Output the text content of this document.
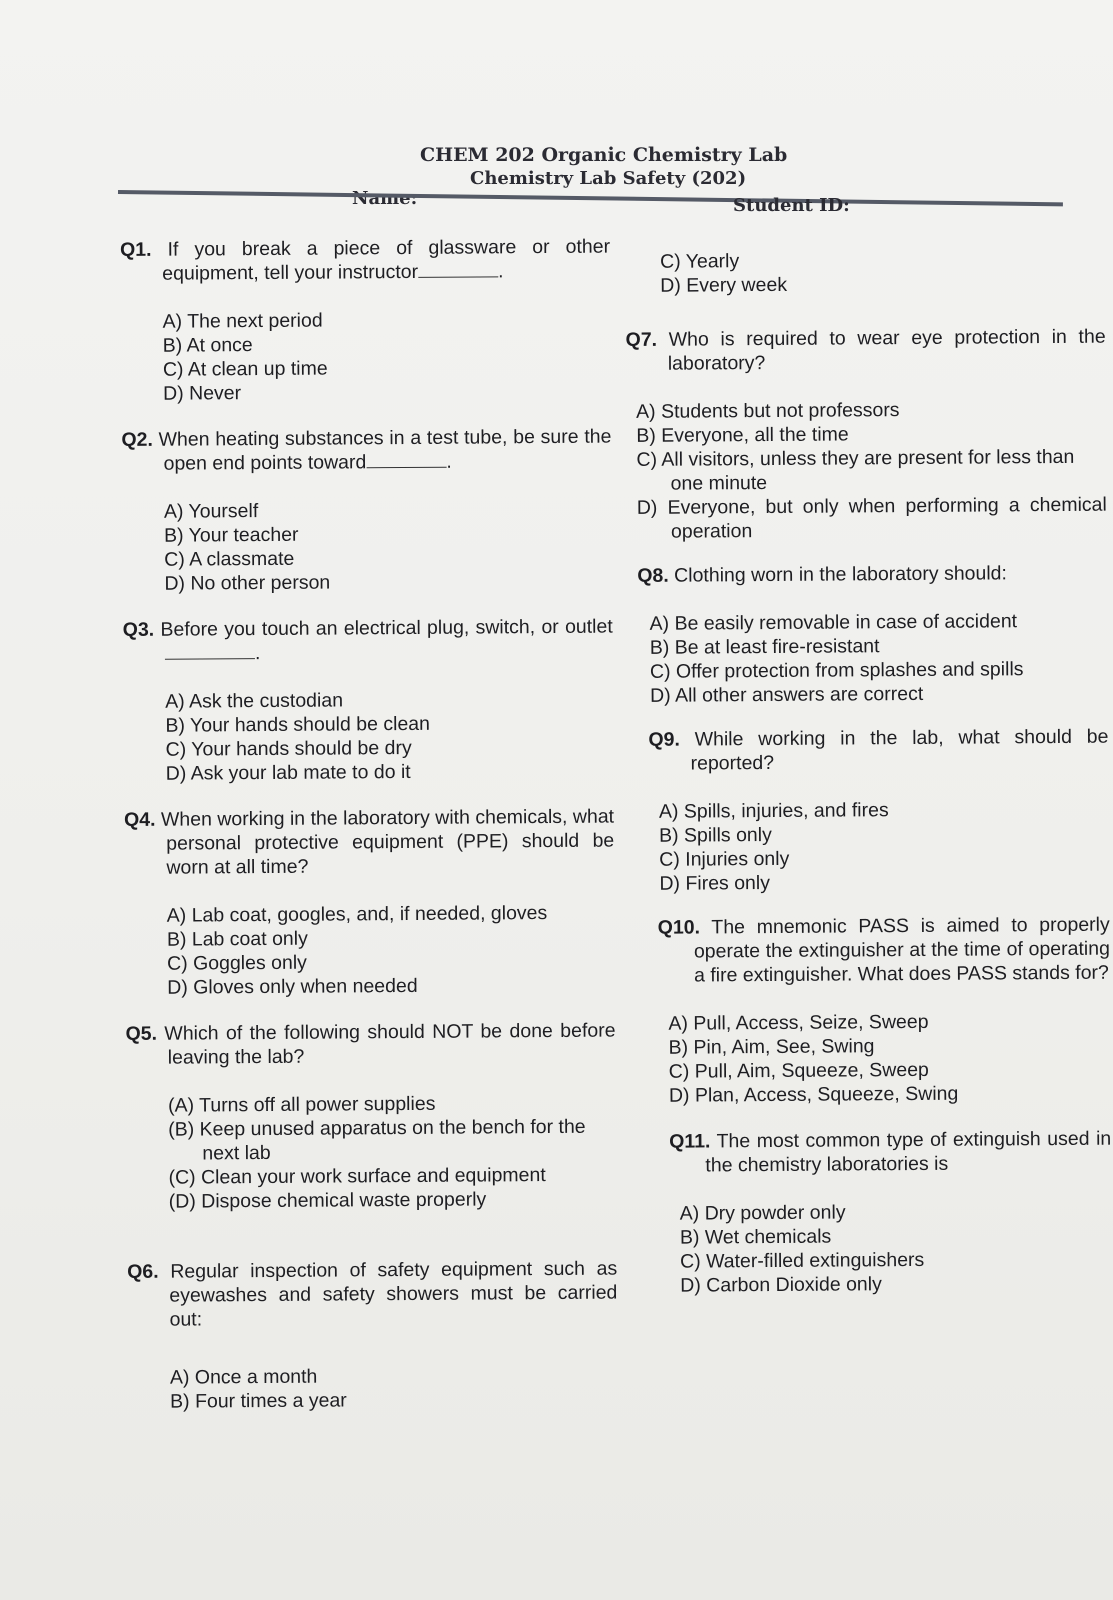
CHEM 202 Organic Chemistry Lab
Chemistry Lab Safety (202)
Name:	Student ID:
Q1. If you break a piece of glassware or other equipment, tell your instructor	.
A) The next period
B) At once
C) At clean up time
D) Never
Q2. When heating substances in a test tube, be sure the open end points toward	.
A) Yourself
B) Your teacher
C) A classmate
D) No other person
Q3. Before you touch an electrical plug, switch, or outlet .
A) Ask the custodian
B) Your hands should be clean
C) Your hands should be dry
D) Ask your lab mate to do it
Q4. When working in the laboratory with chemicals, what personal protective equipment (PPE) should be worn at all time?
A) Lab coat, googles, and, if needed, gloves
B) Lab coat only
C) Goggles only
D) Gloves only when needed
Q5. Which of the following should NOT be done before leaving the lab?
(A) Turns off all power supplies
(B) Keep unused apparatus on the bench for the next lab
(C) Clean your work surface and equipment
(D) Dispose chemical waste properly
Q6. Regular inspection of safety equipment such as eyewashes and safety showers must be carried out:
A) Once a month
B) Four times a year
C) Yearly
D) Every week
Q7. Who is required to wear eye protection in the laboratory?
A) Students but not professors
B) Everyone, all the time
C) All visitors, unless they are present for less than one minute
D) Everyone, but only when performing a chemical operation
Q8. Clothing worn in the laboratory should:
A) Be easily removable in case of accident
B) Be at least fire-resistant
C) Offer protection from splashes and spills
D) All other answers are correct
Q9. While working in the lab, what should be reported?
A) Spills, injuries, and fires
B) Spills only
C) Injuries only
D) Fires only
Q10. The mnemonic PASS is aimed to properly operate the extinguisher at the time of operating a fire extinguisher. What does PASS stands for?
A) Pull, Access, Seize, Sweep
B) Pin, Aim, See, Swing
C) Pull, Aim, Squeeze, Sweep
D) Plan, Access, Squeeze, Swing
Q11. The most common type of extinguish used in the chemistry laboratories is
A) Dry powder only
B) Wet chemicals
C) Water-filled extinguishers
D) Carbon Dioxide only
